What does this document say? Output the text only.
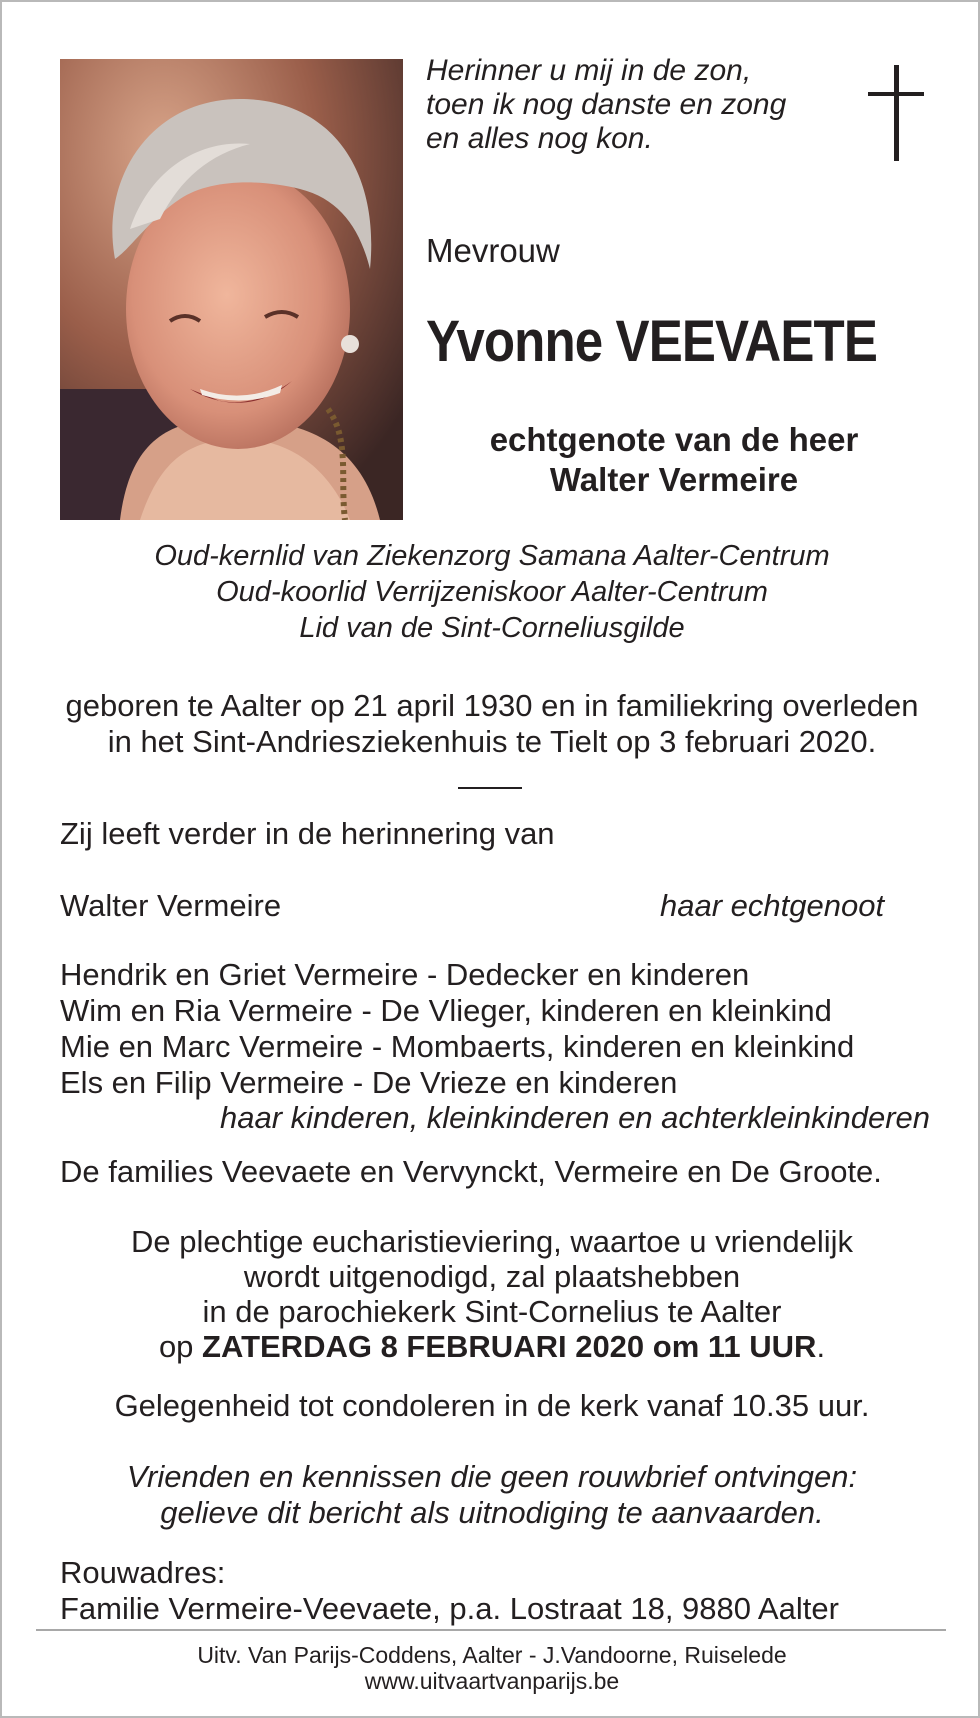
Herinner u mij in de zon,
toen ik nog danste en zong
en alles nog kon.
Mevrouw
Yvonne VEEVAETE
echtgenote van de heer
Walter Vermeire
Oud-kernlid van Ziekenzorg Samana Aalter-Centrum
Oud-koorlid Verrijzeniskoor Aalter-Centrum
Lid van de Sint-Corneliusgilde
geboren te Aalter op 21 april 1930 en in familiekring overleden
in het Sint-Andriesziekenhuis te Tielt op 3 februari 2020.
Zij leeft verder in de herinnering van
Walter Vermeire	haar echtgenoot
Hendrik en Griet Vermeire - Dedecker en kinderen
Wim en Ria Vermeire - De Vlieger, kinderen en kleinkind
Mie en Marc Vermeire - Mombaerts, kinderen en kleinkind
Els en Filip Vermeire - De Vrieze en kinderen
haar kinderen, kleinkinderen en achterkleinkinderen
De families Veevaete en Vervynckt, Vermeire en De Groote.
De plechtige eucharistieviering, waartoe u vriendelijk
wordt uitgenodigd, zal plaatshebben
in de parochiekerk Sint-Cornelius te Aalter
op ZATERDAG 8 FEBRUARI 2020 om 11 UUR.
Gelegenheid tot condoleren in de kerk vanaf 10.35 uur.
Vrienden en kennissen die geen rouwbrief ontvingen:
gelieve dit bericht als uitnodiging te aanvaarden.
Rouwadres:
Familie Vermeire-Veevaete, p.a. Lostraat 18, 9880 Aalter
Uitv. Van Parijs-Coddens, Aalter - J.Vandoorne, Ruiselede
www.uitvaartvanparijs.be
